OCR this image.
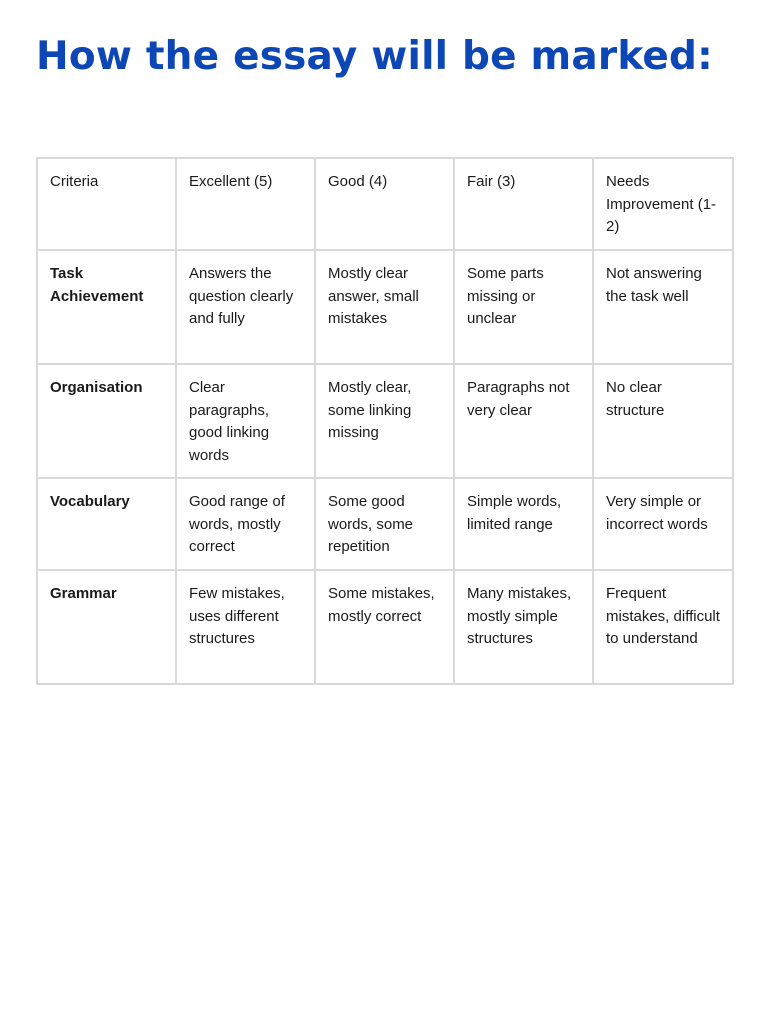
How the essay will be marked:
Criteria	Excellent (5)	Good (4)	Fair (3)	Needs Improvement (1-2)
Task Achievement	Answers the question clearly and fully	Mostly clear answer, small mistakes	Some parts missing or unclear	Not answering the task well
Organisation	Clear paragraphs, good linking words	Mostly clear, some linking missing	Paragraphs not very clear	No clear structure
Vocabulary	Good range of words, mostly correct	Some good words, some repetition	Simple words, limited range	Very simple or incorrect words
Grammar	Few mistakes, uses different structures	Some mistakes, mostly correct	Many mistakes, mostly simple structures	Frequent mistakes, difficult to understand
